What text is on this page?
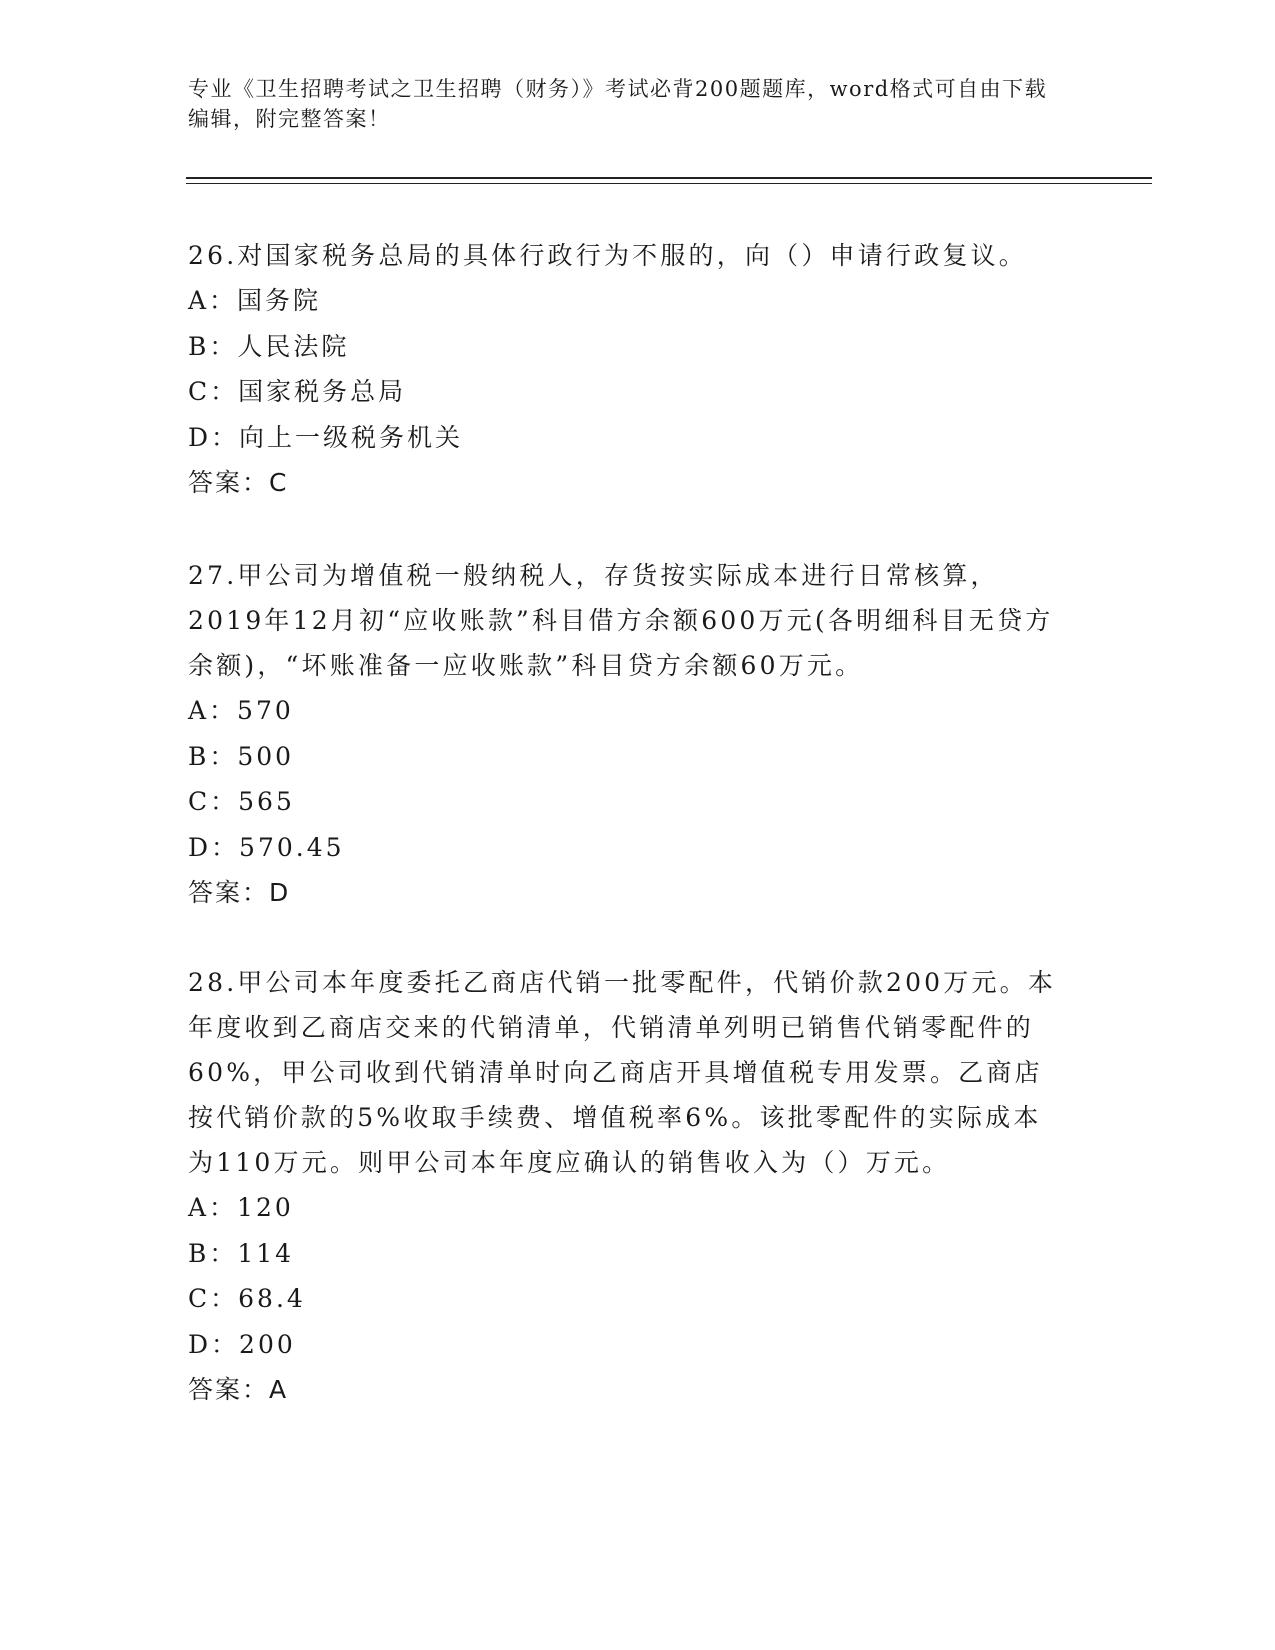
专业《卫生招聘考试之卫生招聘（财务）》考试必背200题题库，word格式可自由下载编辑，附完整答案！

26.对国家税务总局的具体行政行为不服的，向（）申请行政复议。

A：国务院

B：人民法院

C：国家税务总局

D：向上一级税务机关

答案：C

27.甲公司为增值税一般纳税人，存货按实际成本进行日常核算，2019年12月初“应收账款”科目借方余额600万元(各明细科目无贷方余额)，“坏账准备一应收账款”科目贷方余额60万元。

A：570

B：500

C：565

D：570.45

答案：D

28.甲公司本年度委托乙商店代销一批零配件，代销价款200万元。本年度收到乙商店交来的代销清单，代销清单列明已销售代销零配件的60%，甲公司收到代销清单时向乙商店开具增值税专用发票。乙商店按代销价款的5%收取手续费、增值税率6%。该批零配件的实际成本为110万元。则甲公司本年度应确认的销售收入为（）万元。

A：120

B：114

C：68.4

D：200

答案：A
